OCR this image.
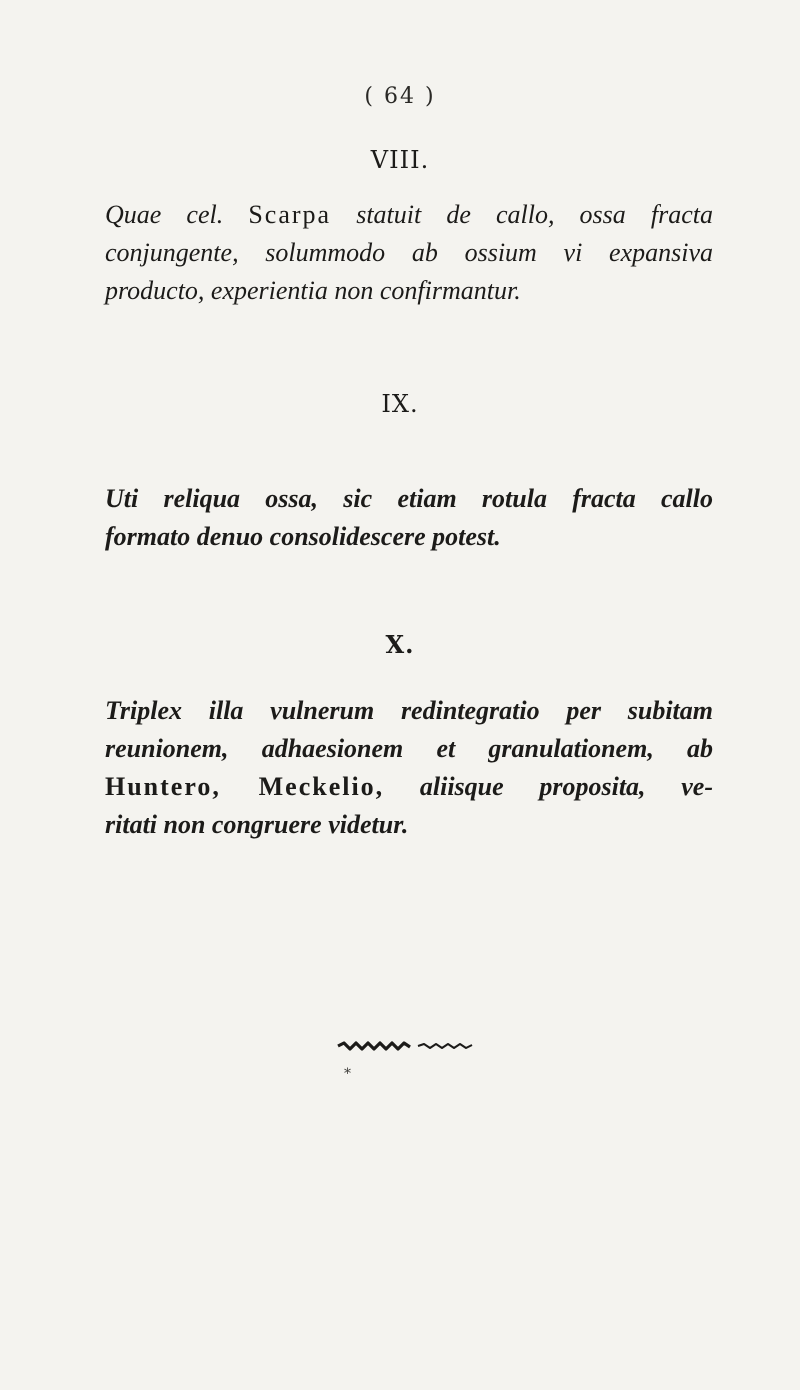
( 64 )
VIII.
Quae cel. Scarpa statuit de callo, ossa fracta
conjungente, solummodo ab ossium vi expansiva
producto, experientia non confirmantur.
IX.
Uti reliqua ossa, sic etiam rotula fracta callo
formato denuo consolidescere potest.
X.
Triplex illa vulnerum redintegratio per subitam
reunionem, adhaesionem et granulationem, ab
Huntero, Meckelio, aliisque proposita, ve-
ritati non congruere videtur.
*
